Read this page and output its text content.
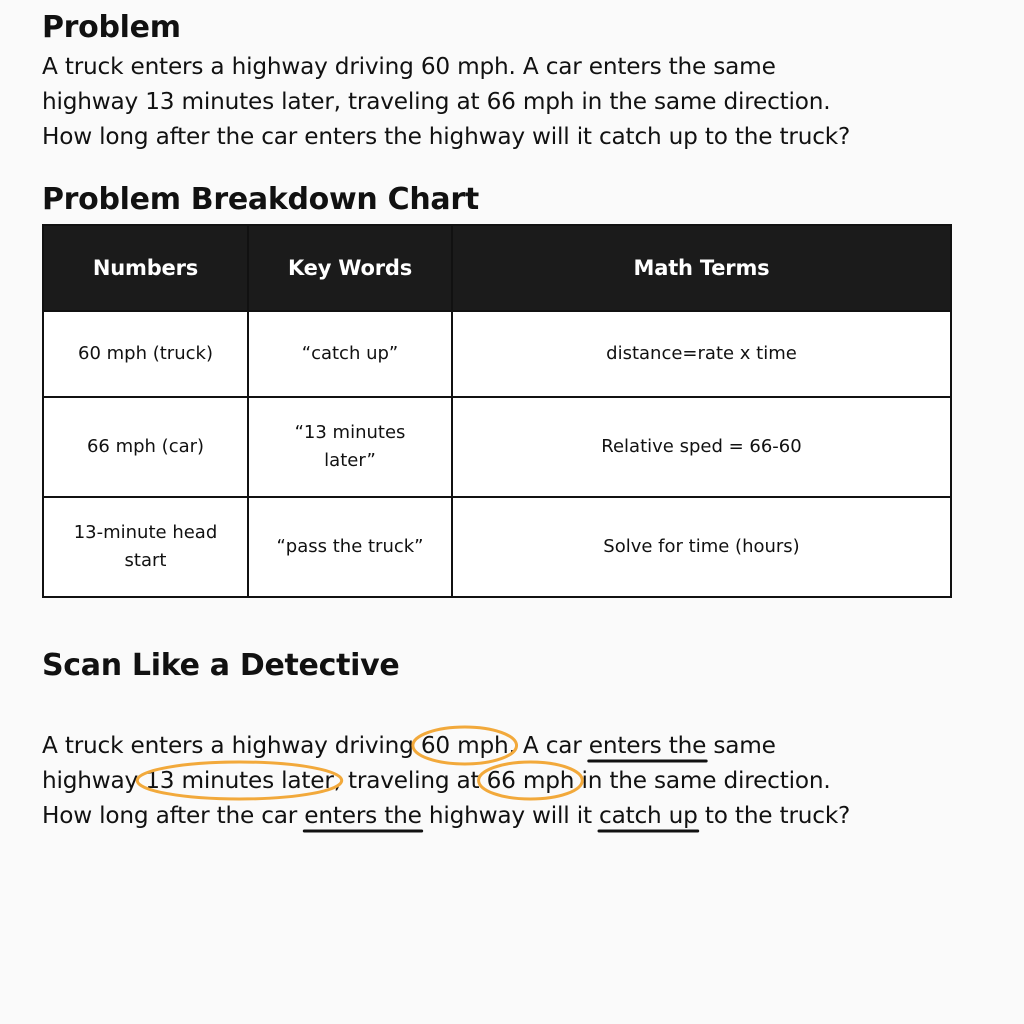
Problem
A truck enters a highway driving 60 mph. A car enters the same
highway 13 minutes later, traveling at 66 mph in the same direction.
How long after the car enters the highway will it catch up to the truck?
Problem Breakdown Chart
Numbers	Key Words	Math Terms
60 mph (truck)	“catch up”	distance=rate x time
66 mph (car)	“13 minutes later”	Relative sped = 66-60
13-minute head start	“pass the truck”	Solve for time (hours)
Scan Like a Detective
A truck enters a highway driving 60 mph. A car enters the same
highway 13 minutes later, traveling at 66 mph in the same direction.
How long after the car enters the highway will it catch up to the truck?
